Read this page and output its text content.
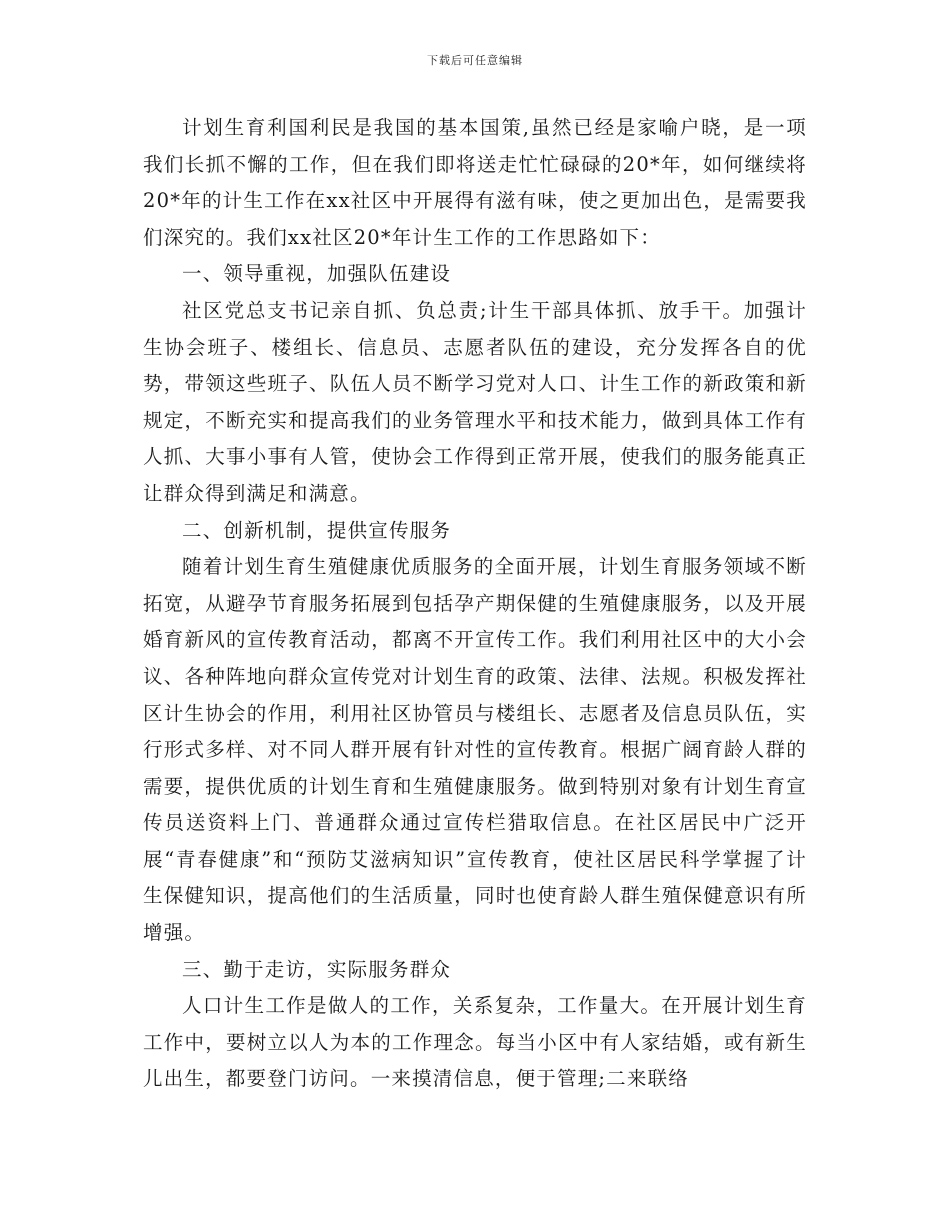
下载后可任意编辑

计划生育利国利民是我国的基本国策,虽然已经是家喻户晓，是一项我们长抓不懈的工作，但在我们即将送走忙忙碌碌的20*年，如何继续将20*年的计生工作在xx社区中开展得有滋有味，使之更加出色，是需要我们深究的。我们xx社区20*年计生工作的工作思路如下：

一、领导重视，加强队伍建设

社区党总支书记亲自抓、负总责;计生干部具体抓、放手干。加强计生协会班子、楼组长、信息员、志愿者队伍的建设，充分发挥各自的优势，带领这些班子、队伍人员不断学习党对人口、计生工作的新政策和新规定，不断充实和提高我们的业务管理水平和技术能力，做到具体工作有人抓、大事小事有人管，使协会工作得到正常开展，使我们的服务能真正让群众得到满足和满意。

二、创新机制，提供宣传服务

随着计划生育生殖健康优质服务的全面开展，计划生育服务领域不断拓宽，从避孕节育服务拓展到包括孕产期保健的生殖健康服务，以及开展婚育新风的宣传教育活动，都离不开宣传工作。我们利用社区中的大小会议、各种阵地向群众宣传党对计划生育的政策、法律、法规。积极发挥社区计生协会的作用，利用社区协管员与楼组长、志愿者及信息员队伍，实行形式多样、对不同人群开展有针对性的宣传教育。根据广阔育龄人群的需要，提供优质的计划生育和生殖健康服务。做到特别对象有计划生育宣传员送资料上门、普通群众通过宣传栏猎取信息。在社区居民中广泛开展“青春健康”和“预防艾滋病知识”宣传教育，使社区居民科学掌握了计生保健知识，提高他们的生活质量，同时也使育龄人群生殖保健意识有所增强。

三、勤于走访，实际服务群众

人口计生工作是做人的工作，关系复杂，工作量大。在开展计划生育工作中，要树立以人为本的工作理念。每当小区中有人家结婚，或有新生儿出生，都要登门访问。一来摸清信息，便于管理;二来联络
